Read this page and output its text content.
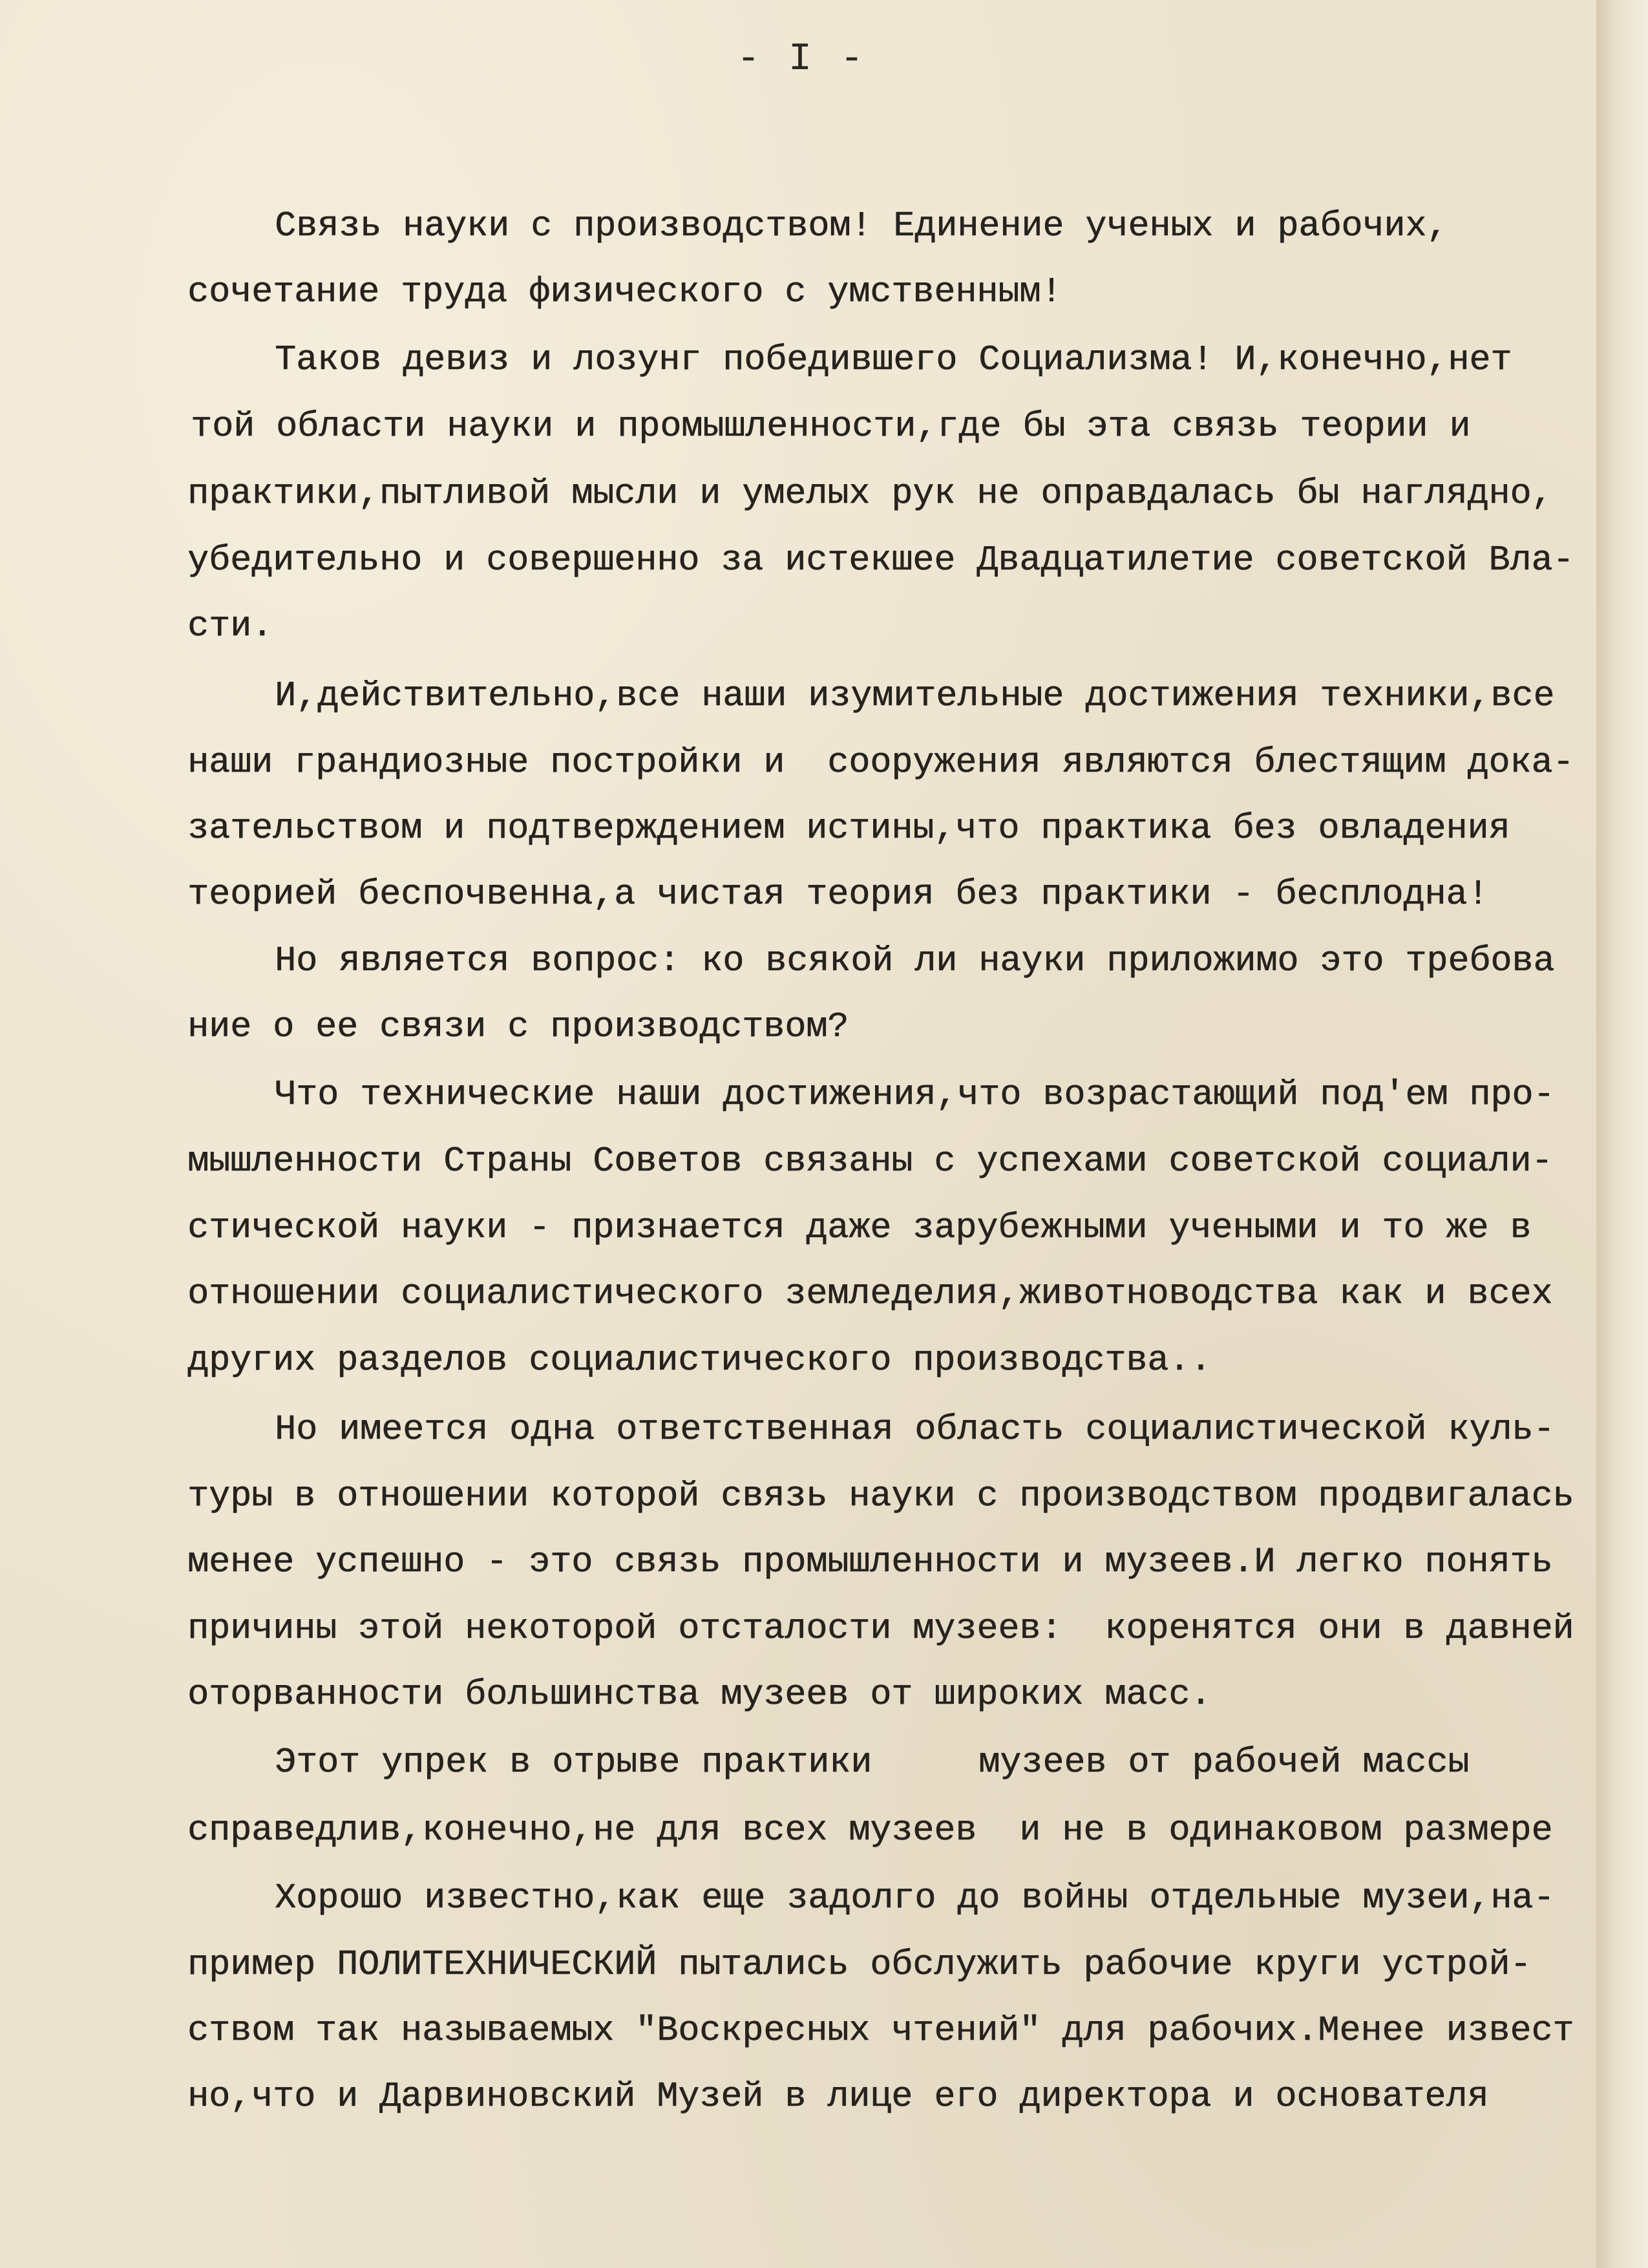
- I -
Связь науки с производством! Единение ученых и рабочих,
сочетание труда физического с умственным!
Таков девиз и лозунг победившего Социализма! И,конечно,нет
той области науки и промышленности,где бы эта связь теории и
практики,пытливой мысли и умелых рук не оправдалась бы наглядно,
убедительно и совершенно за истекшее Двадцатилетие советской Вла-
сти.
И,действительно,все наши изумительные достижения техники,все
наши грандиозные постройки и  сооружения являются блестящим дока-
зательством и подтверждением истины,что практика без овладения
теорией беспочвенна,а чистая теория без практики - бесплодна!
Но является вопрос: ко всякой ли науки приложимо это требова
ние о ее связи с производством?
Что технические наши достижения,что возрастающий под'ем про-
мышленности Страны Советов связаны с успехами советской социали-
стической науки - признается даже зарубежными учеными и то же в
отношении социалистического земледелия,животноводства как и всех
других разделов социалистического производства..
Но имеется одна ответственная область социалистической куль-
туры в отношении которой связь науки с производством продвигалась
менее успешно - это связь промышленности и музеев.И легко понять
причины этой некоторой отсталости музеев:  коренятся они в давней
оторванности большинства музеев от широких масс.
Этот упрек в отрыве практики     музеев от рабочей массы
справедлив,конечно,не для всех музеев  и не в одинаковом размере
Хорошо известно,как еще задолго до войны отдельные музеи,на-
пример ПОЛИТЕХНИЧЕСКИЙ пытались обслужить рабочие круги устрой-
ством так называемых "Воскресных чтений" для рабочих.Менее извест
но,что и Дарвиновский Музей в лице его директора и основателя
